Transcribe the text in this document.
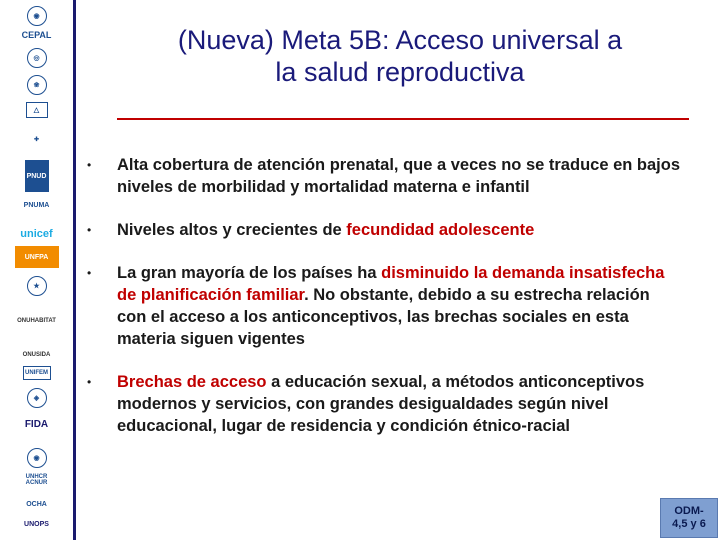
◉
CEPAL
◎
❀
△
✚
PNUD
PNUMA
unicef
UNFPA
★
ONUHABITAT
ONUSIDA
UNIFEM
◈
FIDA
◉
UNHCR ACNUR
OCHA
UNOPS
(Nueva) Meta 5B: Acceso universal a
la salud reproductiva
• Alta cobertura de atención prenatal, que a veces no se traduce en bajos niveles de morbilidad y mortalidad materna e infantil
• Niveles altos y crecientes de fecundidad adolescente
• La gran mayoría de los países ha disminuido la demanda insatisfecha de planificación familiar. No obstante, debido a su estrecha relación con el acceso a los anticonceptivos, las brechas sociales en esta materia siguen vigentes
• Brechas de acceso a educación sexual, a métodos anticonceptivos modernos y servicios, con grandes desigualdades según nivel educacional, lugar de residencia y condición étnico-racial
ODM-
4,5 y 6
